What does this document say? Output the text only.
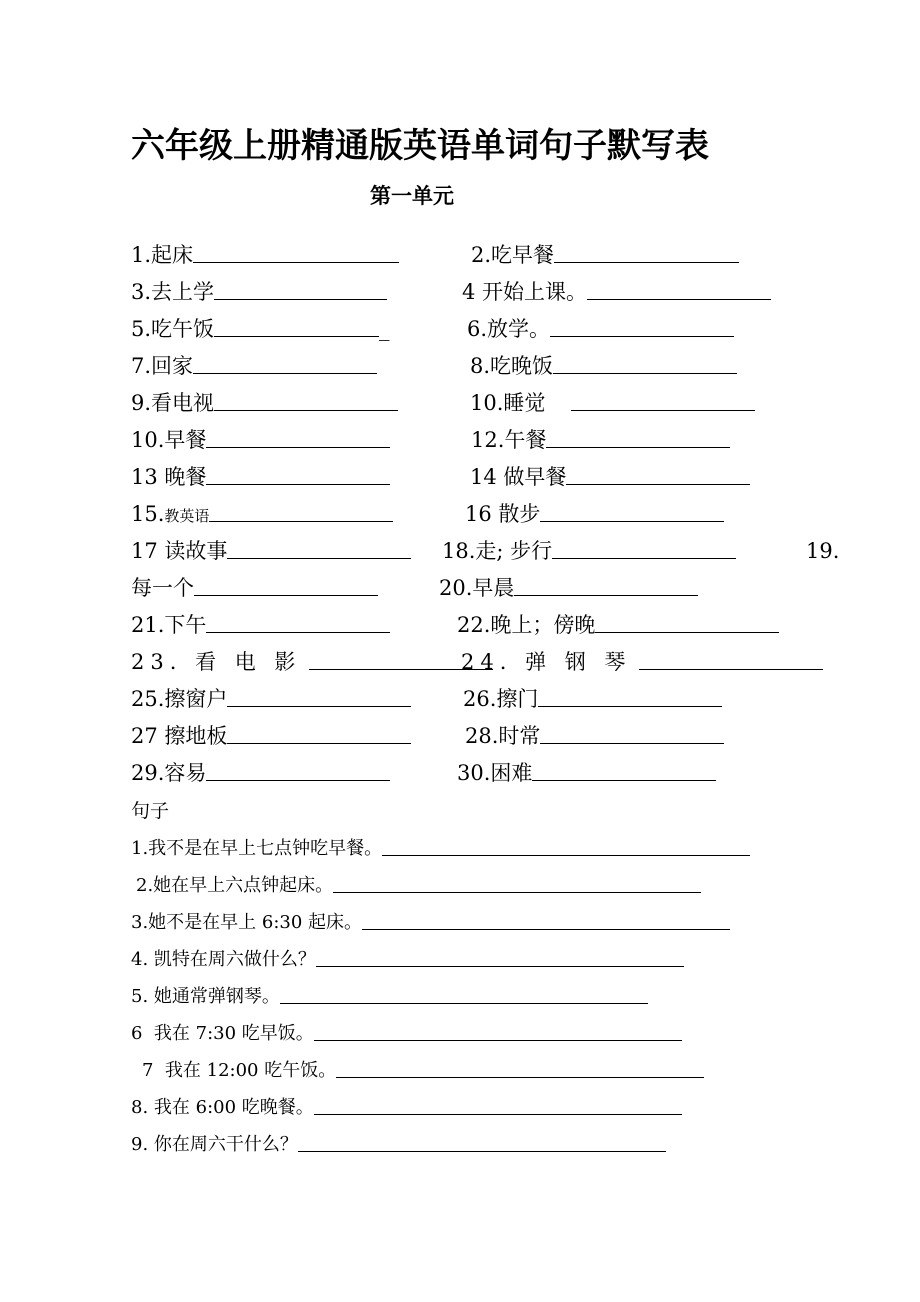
六年级上册精通版英语单词句子默写表
第一单元
1.起床	2.吃早餐
3.去上学	4 开始上课。
5.吃午饭	_	6.放学。
7.回家	8.吃晚饭
9.看电视	10.睡觉
10.早餐	12.午餐
13 晚餐	14 做早餐
15.教英语	16 散步
17 读故事	18.走; 步行	19.
每一个	20.早晨
21.下午	22.晚上；傍晚
23. 看 电 影	24. 弹 钢 琴
25.擦窗户	26.擦门
27 擦地板	28.时常
29.容易	30.困难
句子
1.我不是在早上七点钟吃早餐。
2.她在早上六点钟起床。
3.她不是在早上 6:30 起床。
4. 凯特在周六做什么？
5. 她通常弹钢琴。
6  我在 7:30 吃早饭。
7  我在 12:00 吃午饭。
8. 我在 6:00 吃晚餐。
9. 你在周六干什么？
